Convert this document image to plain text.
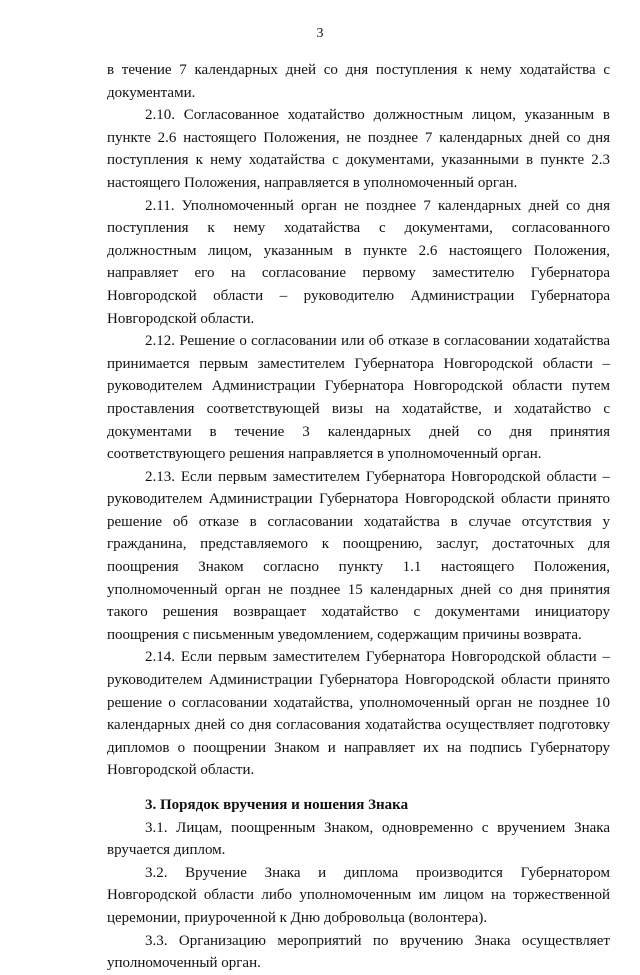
3

в течение 7 календарных дней со дня поступления к нему ходатайства с документами.

2.10. Согласованное ходатайство должностным лицом, указанным в пункте 2.6 настоящего Положения, не позднее 7 календарных дней со дня поступления к нему ходатайства с документами, указанными в пункте 2.3 настоящего Положения, направляется в уполномоченный орган.

2.11. Уполномоченный орган не позднее 7 календарных дней со дня поступления к нему ходатайства с документами, согласованного должностным лицом, указанным в пункте 2.6 настоящего Положения, направляет его на согласование первому заместителю Губернатора Новгородской области – руководителю Администрации Губернатора Новгородской области.

2.12. Решение о согласовании или об отказе в согласовании ходатайства принимается первым заместителем Губернатора Новгородской области – руководителем Администрации Губернатора Новгородской области путем проставления соответствующей визы на ходатайстве, и ходатайство с документами в течение 3 календарных дней со дня принятия соответствующего решения направляется в уполномоченный орган.

2.13. Если первым заместителем Губернатора Новгородской области – руководителем Администрации Губернатора Новгородской области принято решение об отказе в согласовании ходатайства в случае отсутствия у гражданина, представляемого к поощрению, заслуг, достаточных для поощрения Знаком согласно пункту 1.1 настоящего Положения, уполномоченный орган не позднее 15 календарных дней со дня принятия такого решения возвращает ходатайство с документами инициатору поощрения с письменным уведомлением, содержащим причины возврата.

2.14. Если первым заместителем Губернатора Новгородской области – руководителем Администрации Губернатора Новгородской области принято решение о согласовании ходатайства, уполномоченный орган не позднее 10 календарных дней со дня согласования ходатайства осуществляет подготовку дипломов о поощрении Знаком и направляет их на подпись Губернатору Новгородской области.

3. Порядок вручения и ношения Знака

3.1. Лицам, поощренным Знаком, одновременно с вручением Знака вручается диплом.

3.2. Вручение Знака и диплома производится Губернатором Новгородской области либо уполномоченным им лицом на торжественной церемонии, приуроченной к Дню добровольца (волонтера).

3.3. Организацию мероприятий по вручению Знака осуществляет уполномоченный орган.
